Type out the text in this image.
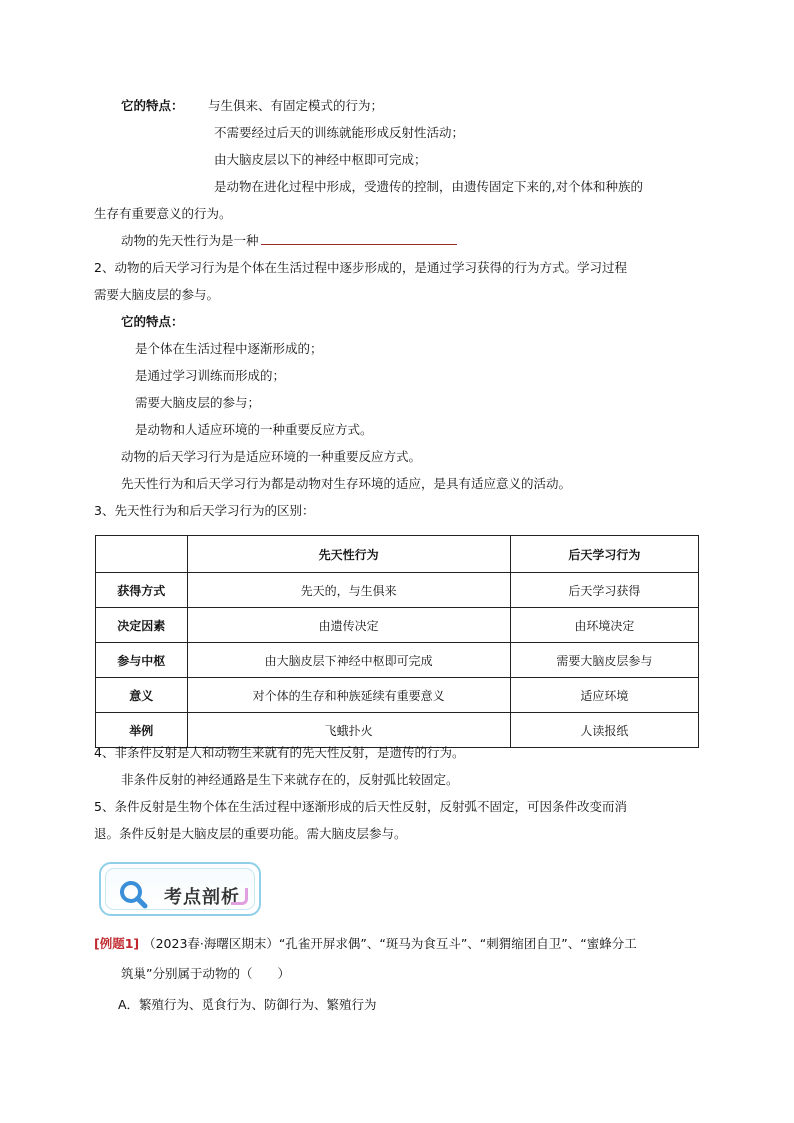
它的特点： 与生俱来、有固定模式的行为；
不需要经过后天的训练就能形成反射性活动；
由大脑皮层以下的神经中枢即可完成；
是动物在进化过程中形成，受遗传的控制，由遗传固定下来的,对个体和种族的
生存有重要意义的行为。
动物的先天性行为是一种
2、动物的后天学习行为是个体在生活过程中逐步形成的，是通过学习获得的行为方式。学习过程
需要大脑皮层的参与。
它的特点：
是个体在生活过程中逐渐形成的；
是通过学习训练而形成的；
需要大脑皮层的参与；
是动物和人适应环境的一种重要反应方式。
动物的后天学习行为是适应环境的一种重要反应方式。
先天性行为和后天学习行为都是动物对生存环境的适应，是具有适应意义的活动。
3、先天性行为和后天学习行为的区别：
	先天性行为	后天学习行为
获得方式	先天的，与生俱来	后天学习获得
决定因素	由遗传决定	由环境决定
参与中枢	由大脑皮层下神经中枢即可完成	需要大脑皮层参与
意义	对个体的生存和种族延续有重要意义	适应环境
举例	飞蛾扑火	人读报纸
4、非条件反射是人和动物生来就有的先天性反射，是遗传的行为。
非条件反射的神经通路是生下来就存在的，反射弧比较固定。
5、条件反射是生物个体在生活过程中逐渐形成的后天性反射，反射弧不固定，可因条件改变而消
退。条件反射是大脑皮层的重要功能。需大脑皮层参与。
考点剖析
[例题1] （2023春·海曙区期末）“孔雀开屏求偶”、“斑马为食互斗”、“刺猬缩团自卫”、“蜜蜂分工
筑巢”分别属于动物的（　　）
A．繁殖行为、觅食行为、防御行为、繁殖行为
